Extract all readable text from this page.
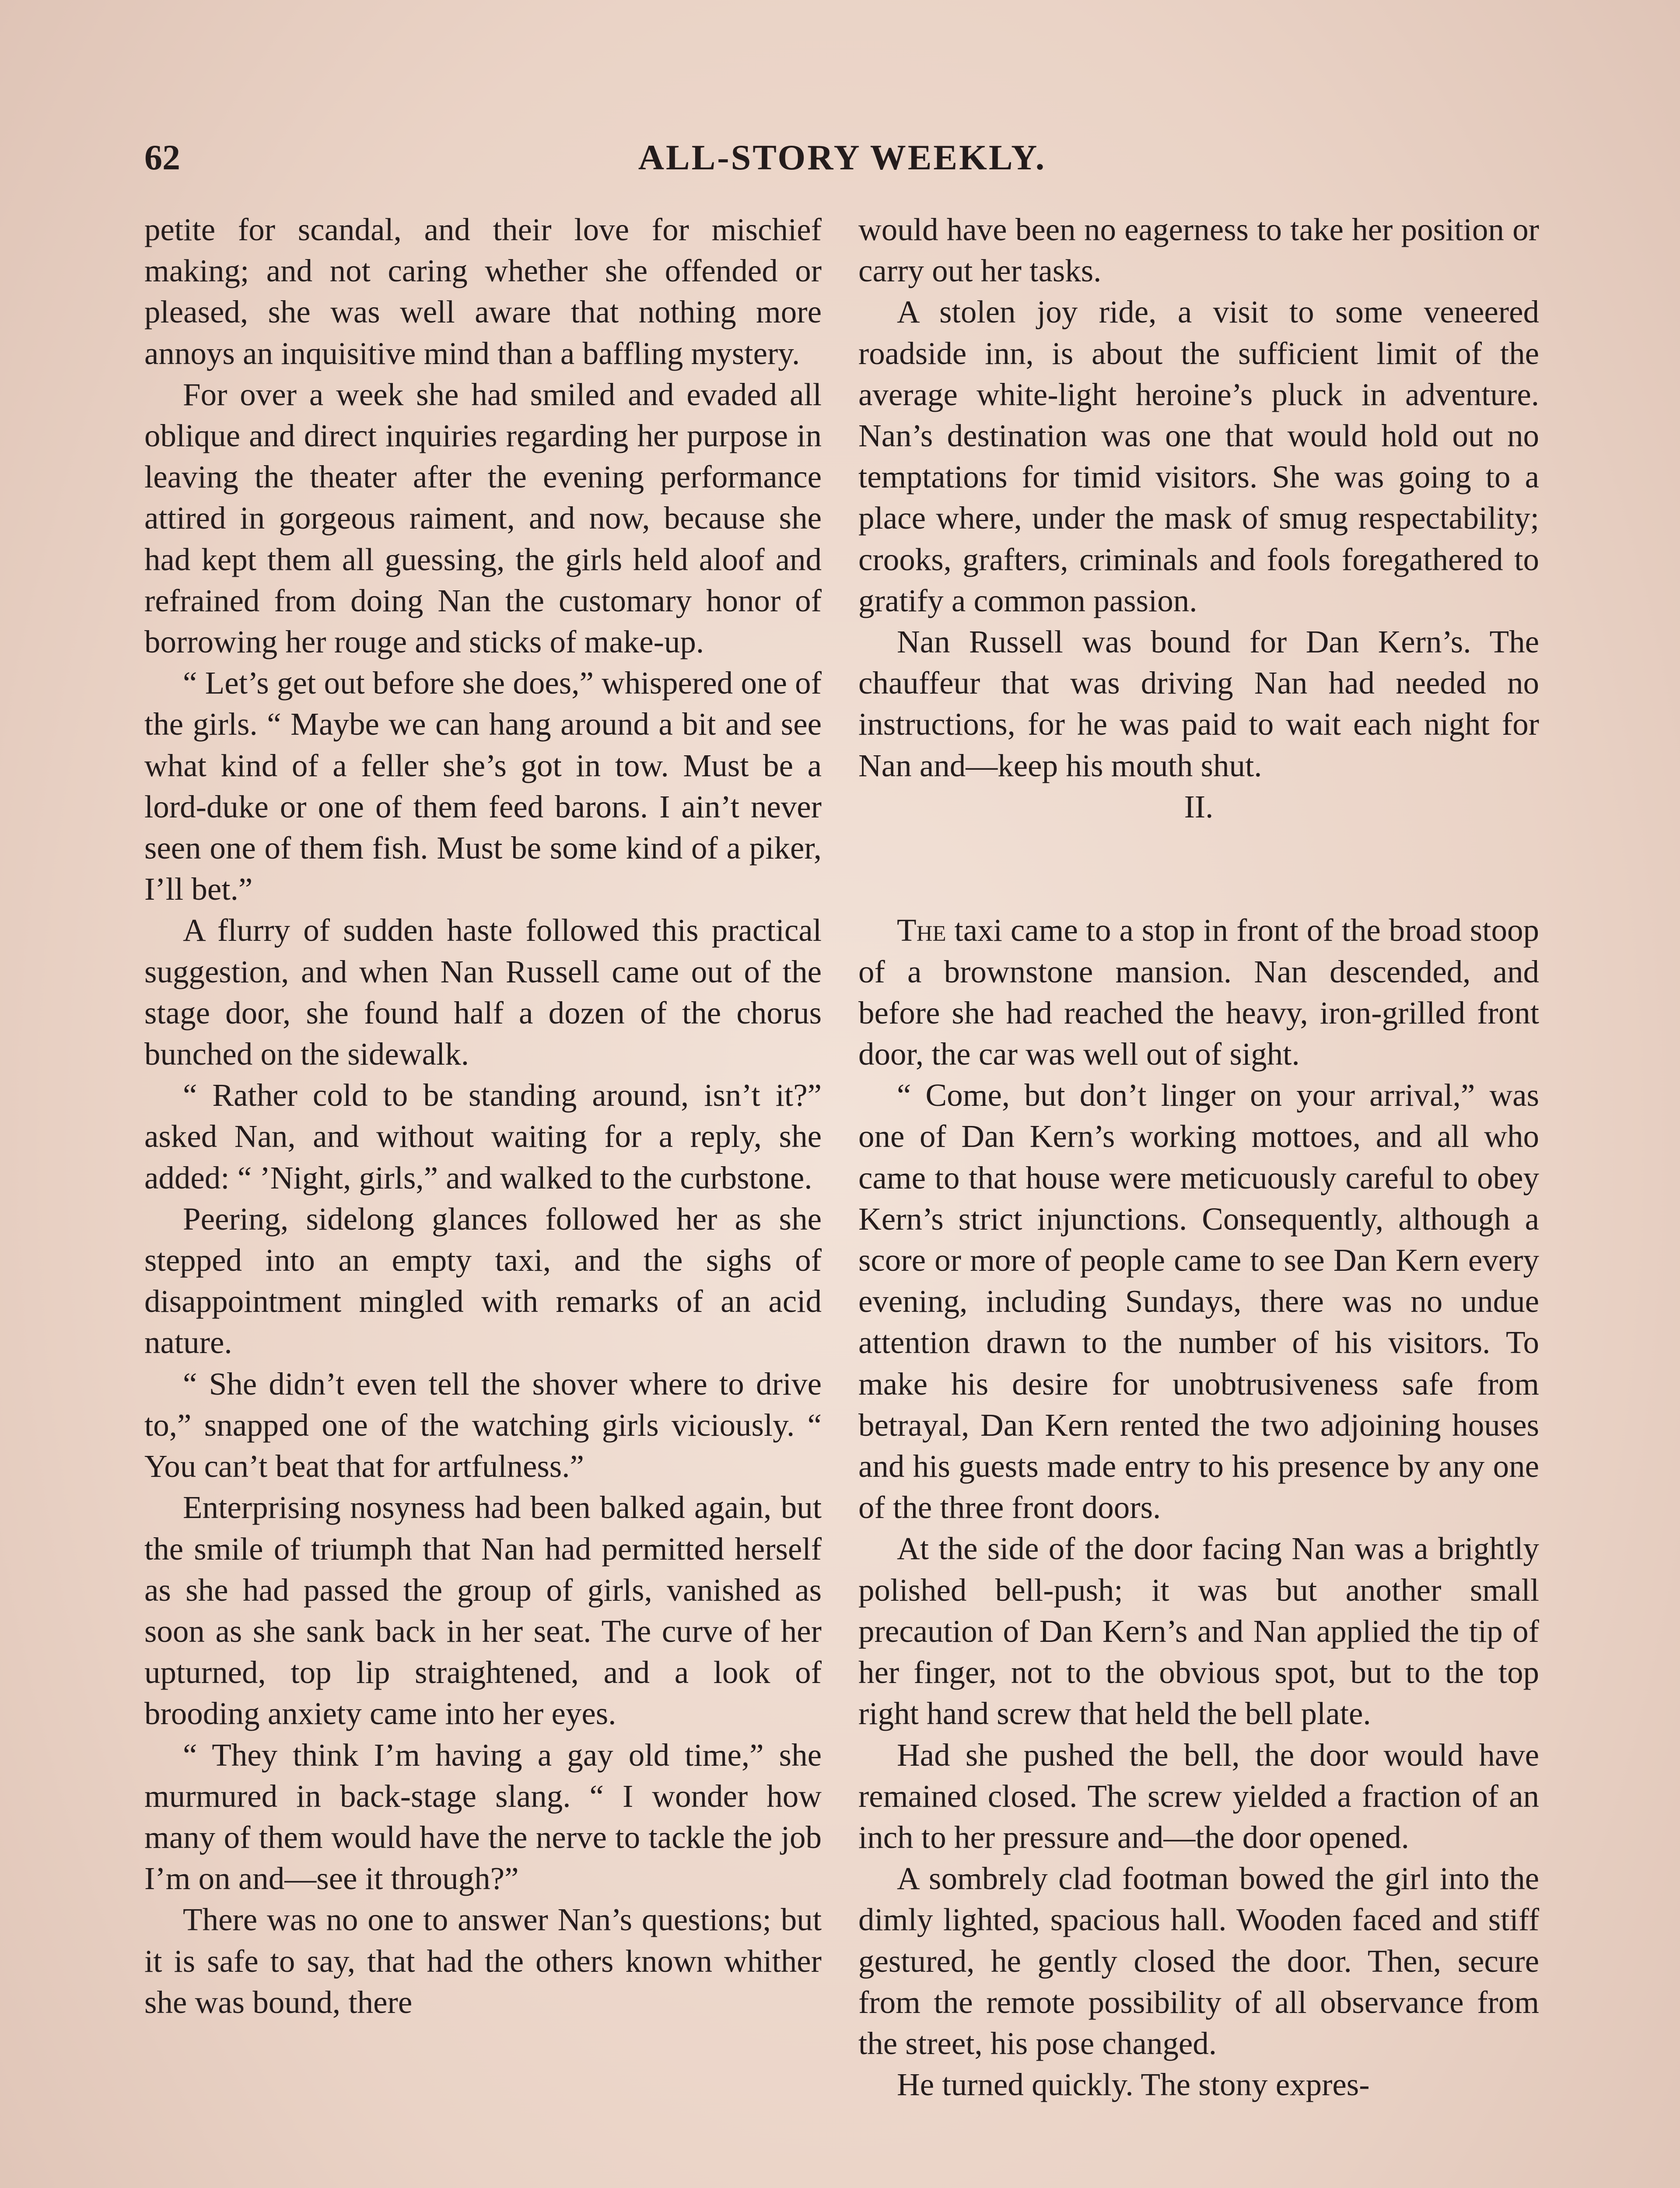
62	ALL-STORY WEEKLY.

petite for scandal, and their love for mischief making; and not caring whether she offended or pleased, she was well aware that nothing more annoys an inquisitive mind than a baffling mystery.

For over a week she had smiled and evaded all oblique and direct inquiries regarding her purpose in leaving the theater after the evening performance attired in gorgeous raiment, and now, because she had kept them all guessing, the girls held aloof and refrained from doing Nan the customary honor of borrowing her rouge and sticks of make-up.

“ Let’s get out before she does,” whispered one of the girls. “ Maybe we can hang around a bit and see what kind of a feller she’s got in tow. Must be a lord-duke or one of them feed barons. I ain’t never seen one of them fish. Must be some kind of a piker, I’ll bet.”

A flurry of sudden haste followed this practical suggestion, and when Nan Russell came out of the stage door, she found half a dozen of the chorus bunched on the sidewalk.

“ Rather cold to be standing around, isn’t it?” asked Nan, and without waiting for a reply, she added: “ ’Night, girls,” and walked to the curbstone.

Peering, sidelong glances followed her as she stepped into an empty taxi, and the sighs of disappointment mingled with remarks of an acid nature.

“ She didn’t even tell the shover where to drive to,” snapped one of the watching girls viciously. “ You can’t beat that for artfulness.”

Enterprising nosyness had been balked again, but the smile of triumph that Nan had permitted herself as she had passed the group of girls, vanished as soon as she sank back in her seat. The curve of her upturned, top lip straightened, and a look of brooding anxiety came into her eyes.

“ They think I’m having a gay old time,” she murmured in back-stage slang. “ I wonder how many of them would have the nerve to tackle the job I’m on and—see it through?”

There was no one to answer Nan’s questions; but it is safe to say, that had the others known whither she was bound, there

would have been no eagerness to take her position or carry out her tasks.

A stolen joy ride, a visit to some veneered roadside inn, is about the sufficient limit of the average white-light heroine’s pluck in adventure. Nan’s destination was one that would hold out no temptations for timid visitors. She was going to a place where, under the mask of smug respectability; crooks, grafters, criminals and fools foregathered to gratify a common passion.

Nan Russell was bound for Dan Kern’s. The chauffeur that was driving Nan had needed no instructions, for he was paid to wait each night for Nan and—keep his mouth shut.

II.

The taxi came to a stop in front of the broad stoop of a brownstone mansion. Nan descended, and before she had reached the heavy, iron-grilled front door, the car was well out of sight.

“ Come, but don’t linger on your arrival,” was one of Dan Kern’s working mottoes, and all who came to that house were meticuously careful to obey Kern’s strict injunctions. Consequently, although a score or more of people came to see Dan Kern every evening, including Sundays, there was no undue attention drawn to the number of his visitors. To make his desire for unobtrusiveness safe from betrayal, Dan Kern rented the two adjoining houses and his guests made entry to his presence by any one of the three front doors.

At the side of the door facing Nan was a brightly polished bell-push; it was but another small precaution of Dan Kern’s and Nan applied the tip of her finger, not to the obvious spot, but to the top right hand screw that held the bell plate.

Had she pushed the bell, the door would have remained closed. The screw yielded a fraction of an inch to her pressure and—the door opened.

A sombrely clad footman bowed the girl into the dimly lighted, spacious hall. Wooden faced and stiff gestured, he gently closed the door. Then, secure from the remote possibility of all observance from the street, his pose changed.

He turned quickly. The stony expres-
